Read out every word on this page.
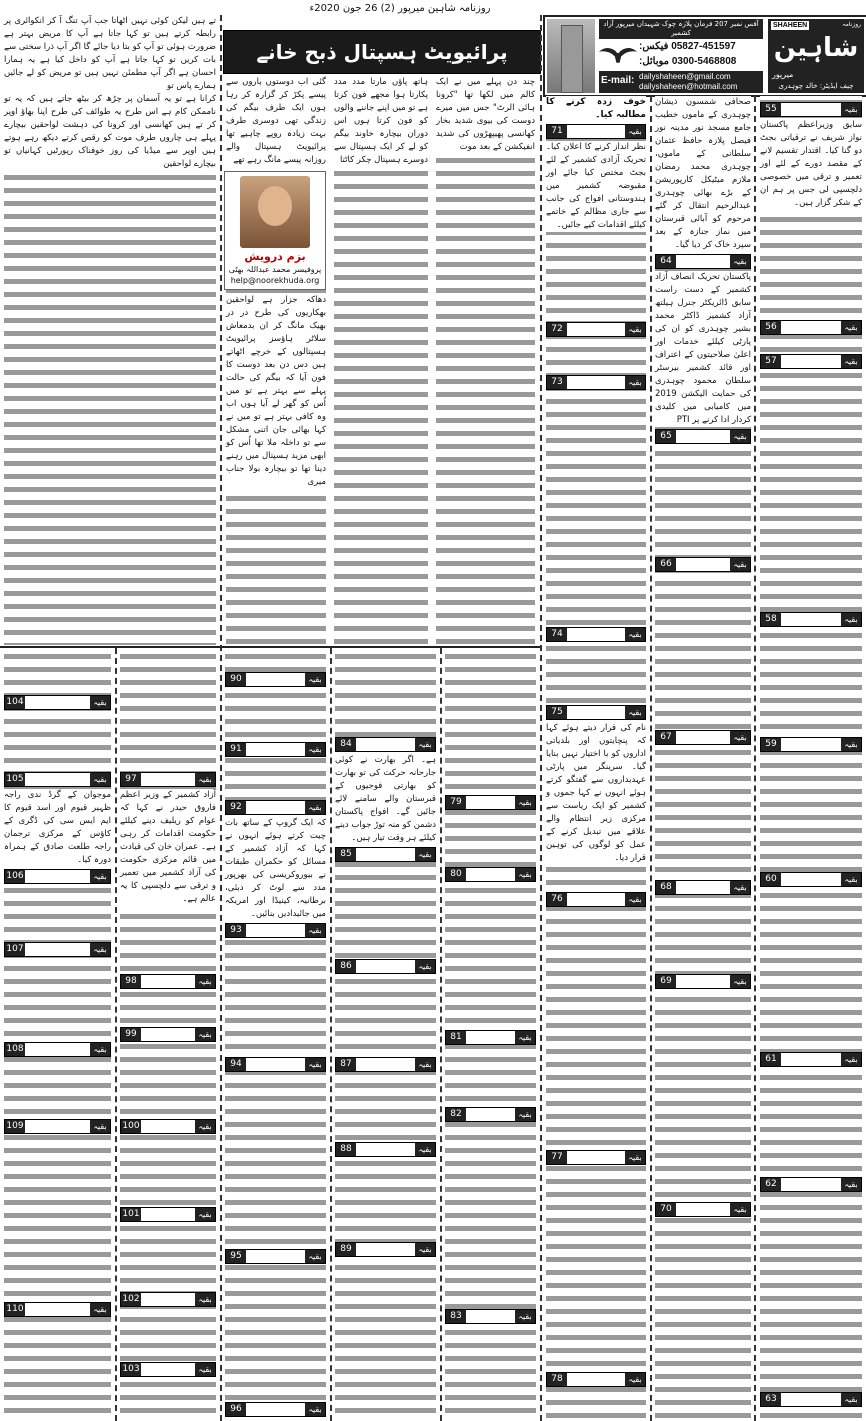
روزنامہ شاہین میرپور (2) 26 جون 2020ء

تے ہیں لیکن کوئی نہیں اٹھاتا جب آپ تنگ آ کر انکوائری پر رابطہ کرتے ہیں تو کہا جاتا ہے آپ کا مریض بہتر ہے ضرورت ہوئی تو آپ کو بتا دیا جائے گا اگر آپ ذرا سختی سے بات کریں تو کہا جاتا ہے آپ کو داخل کیا ہے یہ ہمارا احسان ہے اگر آپ مطمئن نہیں ہیں تو مریض کو لے جائیں ہمارے پاس تو

کرانا ہے تو یہ آسمان پر چڑھ کر بیٹھ جاتے ہیں کہ یہ تو ناممکن کام ہے اس طرح یہ طوائف کی طرح اپنا بھاؤ اوپر کر تے ہیں کھانسی اور کرونا کی دہشت لواحقین بیچارے پہلے ہی چاروں طرف موت کو رقص کرتے دیکھ رہے ہوتے ہیں اوپر سے میڈیا کی روز خوفناک رپورٹیں کہانیاں تو بیچارے لواحقین

پرائیویٹ ہسپتال ذبح خانے

چند دن پہلے میں نے ایک کالم میں لکھا تھا "کرونا ہائی الرٹ" جس میں میرے دوست کی بیوی شدید بخار کھانسی پھیپھڑوں کی شدید انفیکشن کے بعد موت

ہاتھ پاؤں مارتا مدد مدد پکارتا ہوا مجھے فون کرتا ہے تو میں اپنے جاننے والوں کو فون کرتا ہوں اس دوران بیچارہ خاوند بیگم کو لے کر ایک ہسپتال سے دوسرے ہسپتال چکر کاٹتا

گئی اب دوستوں یاروں سے پیسے پکڑ کر گزارہ کر رہا ہوں ایک طرف بیگم کی زندگی تھی دوسری طرف بہت زیادہ روپے چاہیے تھا پرائیویٹ ہسپتال والے روزانہ پیسے مانگ رہے تھے

بزم درویش
پروفیسر محمد عبداللہ بھٹی
help@noorekhuda.org

دھاکہ جزار ہے لواحقین بھکاریوں کی طرح در در بھیک مانگ کر ان بدمعاش سلاٹر ہاؤسز پرائیویٹ ہسپتالوں کے خرچے اٹھاتے ہیں دس دن بعد دوست کا فون آیا کہ بیگم کی حالت پہلے سے بہتر ہے تو میں اُس کو گھر لے آیا ہوں اب وہ کافی بہتر ہے تو میں نے کہا بھائی جان اتنی مشکل سے تو داخلہ ملا تھا اُس کو ابھی مزید ہسپتال میں رہنے دینا تھا تو بیچارہ بولا جناب میری

آفس نمبر 207 فرمان پلازہ چوک شہیداں میرپور آزاد کشمیر
05827-451597 فیکس:
0300-5468808 موبائل:
E-mail: dailyshaheen@gmail.com
dailyshaheen@hotmail.com
روزنامہ
SHAHEEN
شاہین
میرپور
چیف ایڈیٹر: خالد چوہدری
55	بقیہ

سابق وزیراعظم پاکستان نواز شریف نے ترقیاتی بجٹ دو گنا کیا۔ اقتدار تقسیم لانے کے مقصد دورے کے لئے اور تعمیر و ترقی میں خصوصی دلچسپی لی جس پر ہم ان کے شکر گزار ہیں۔

56	بقیہ
57	بقیہ
58	بقیہ
59	بقیہ
60	بقیہ
61	بقیہ
62	بقیہ
63	بقیہ

صحافی شمسون ذیشان چوہدری کے ماموں خطیب جامع مسجد نور مدینہ نور فیصل پلازہ حافظ عثمان سلطانی کے ماموں، چوہدری محمد رمضان ملازم میٹیکل کارپوریشن کے بڑے بھائی چوہدری عبدالرحیم انتقال کر گئے مرحوم کو آبائی قبرستان میں نماز جنازہ کے بعد سپرد خاک کر دیا گیا۔

64	بقیہ

پاکستان تحریک انصاف آزاد کشمیر کے دست راست سابق ڈائریکٹر جنرل ہیلتھ آزاد کشمیر ڈاکٹر محمد بشیر چوہدری کو ان کی پارٹی کیلئے خدمات اور اعلیٰ صلاحیتوں کے اعتراف اور قائد کشمیر بیرسٹر سلطان محمود چوہدری کی حمایت الیکشن 2019 میں کامیابی میں کلیدی کردار ادا کرنے پر PTI

65	بقیہ
66	بقیہ
67	بقیہ
68	بقیہ
69	بقیہ
70	بقیہ

خوف زدہ کرنے کا مطالبہ کیا۔

71	بقیہ

نظر انداز کرنے کا اعلان کیا۔ تحریک آزادی کشمیر کے لئے بجٹ مختص کیا جائے اور مقبوضہ کشمیر میں ہندوستانی افواج کی جانب سے جاری مظالم کے خاتمے کیلئے اقدامات کیے جائیں۔

72	بقیہ
73	بقیہ
74	بقیہ
75	بقیہ

نام کی قرار دیتے ہوئے کہا کہ پنچایتوں اور بلدیاتی اداروں کو با اختیار نہیں بنایا گیا۔ سرینگر میں پارٹی عہدیداروں سے گفتگو کرتے ہوئے انہوں نے کہا جموں و کشمیر کو ایک ریاست سے مرکزی زیر انتظام والے علاقے میں تبدیل کرنے کے عمل کو لوگوں کی توہین قرار دیا۔

76	بقیہ
77	بقیہ
78	بقیہ
79	بقیہ
80	بقیہ
81	بقیہ
82	بقیہ
83	بقیہ
84	بقیہ

ہے۔ اگر بھارت نے کوئی جارحانہ حرکت کی تو بھارت کو بھارتی فوجیوں کے قبرستان والے سامنے لائے جائیں گے۔ افواج پاکستان دشمن کو منہ توڑ جواب دینے کیلئے ہر وقت تیار ہیں۔

85	بقیہ
86	بقیہ
87	بقیہ
88	بقیہ
89	بقیہ
90	بقیہ
91	بقیہ
92	بقیہ

کہ ایک گروپ کے ساتھ بات چیت کرتے ہوئے انہوں نے کہا کہ آزاد کشمیر کے مسائل کو حکمران طبقات نے بیوروکریسی کی بھرپور مدد سے لوٹ کر دبئی، برطانیہ، کینیڈا اور امریکہ میں جائیدادیں بنائیں۔

93	بقیہ
94	بقیہ
95	بقیہ
96	بقیہ
97	بقیہ

آزاد کشمیر کے وزیر اعظم فاروق حیدر نے کہا کہ عوام کو ریلیف دینے کیلئے حکومت اقدامات کر رہی ہے۔ عمران خان کی قیادت میں قائم مرکزی حکومت کی آزاد کشمیر میں تعمیر و ترقی سے دلچسپی کا یہ عالم ہے۔

98	بقیہ
99	بقیہ
100	بقیہ
101	بقیہ
102	بقیہ
103	بقیہ
104	بقیہ
105	بقیہ

موجوان کے گرڈ ندی راجہ ظہیر قیوم اور اسد قیوم کا ایم ایس سی کی ڈگری کے کاؤس کے مرکزی ترجمان راجہ طلعت صادق کے ہمراہ دورہ کیا۔

106	بقیہ
107	بقیہ
108	بقیہ
109	بقیہ
110	بقیہ
